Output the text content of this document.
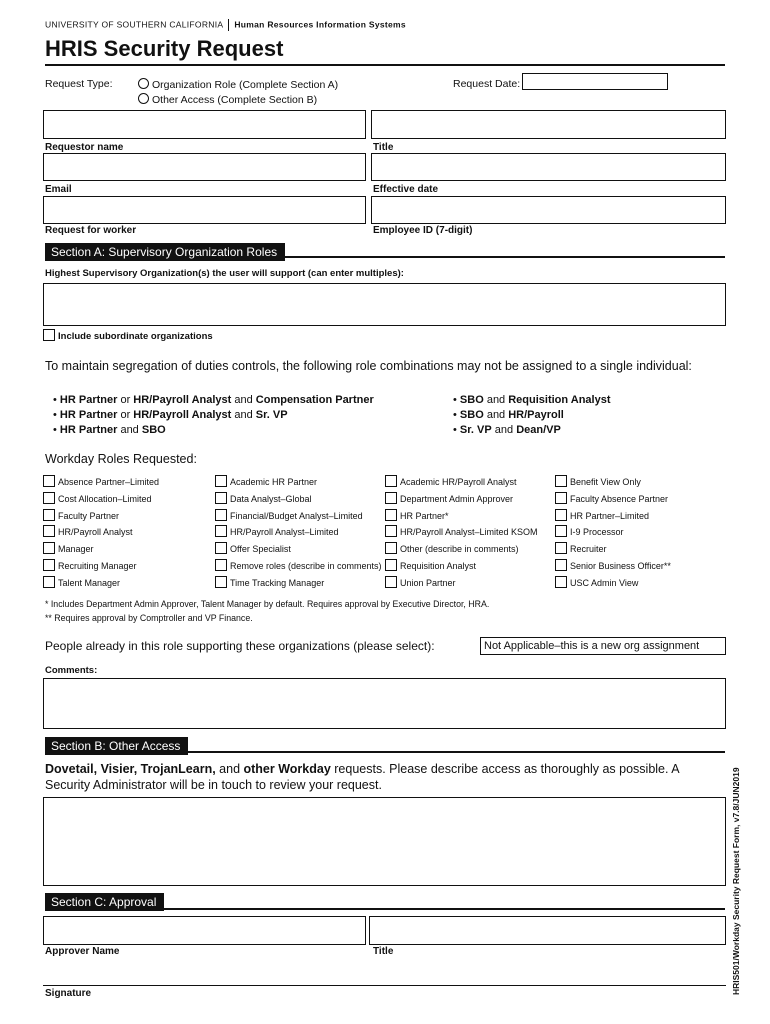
UNIVERSITY OF SOUTHERN CALIFORNIA Human Resources Information Systems
HRIS Security Request
Request Type:	Organization Role (Complete Section A)
Other Access (Complete Section B)
Request Date:
Requestor name	Title
Email	Effective date
Request for worker	Employee ID (7-digit)
Section A: Supervisory Organization Roles
Highest Supervisory Organization(s) the user will support (can enter multiples):
Include subordinate organizations
To maintain segregation of duties controls, the following role combinations may not be assigned to a single individual:
• HR Partner or HR/Payroll Analyst and Compensation Partner
• HR Partner or HR/Payroll Analyst and Sr. VP
• HR Partner and SBO
• SBO and Requisition Analyst
• SBO and HR/Payroll
• Sr. VP and Dean/VP
Workday Roles Requested:
Absence Partner–Limited
Cost Allocation–Limited
Faculty Partner
HR/Payroll Analyst
Manager
Recruiting Manager
Talent Manager
Academic HR Partner
Data Analyst–Global
Financial/Budget Analyst–Limited
HR/Payroll Analyst–Limited
Offer Specialist
Remove roles (describe in comments)
Time Tracking Manager
Academic HR/Payroll Analyst
Department Admin Approver
HR Partner*
HR/Payroll Analyst–Limited KSOM
Other (describe in comments)
Requisition Analyst
Union Partner
Benefit View Only
Faculty Absence Partner
HR Partner–Limited
I-9 Processor
Recruiter
Senior Business Officer**
USC Admin View
* Includes Department Admin Approver, Talent Manager by default. Requires approval by Executive Director, HRA.
** Requires approval by Comptroller and VP Finance.
People already in this role supporting these organizations (please select):	Not Applicable–this is a new org assignment
Comments:
Section B: Other Access
Dovetail, Visier, TrojanLearn, and other Workday requests. Please describe access as thoroughly as possible. A Security Administrator will be in touch to review your request.
Section C: Approval
Approver Name	Title
Signature	HRIS501/Workday Security Request Form, v7.8/JUN2019
